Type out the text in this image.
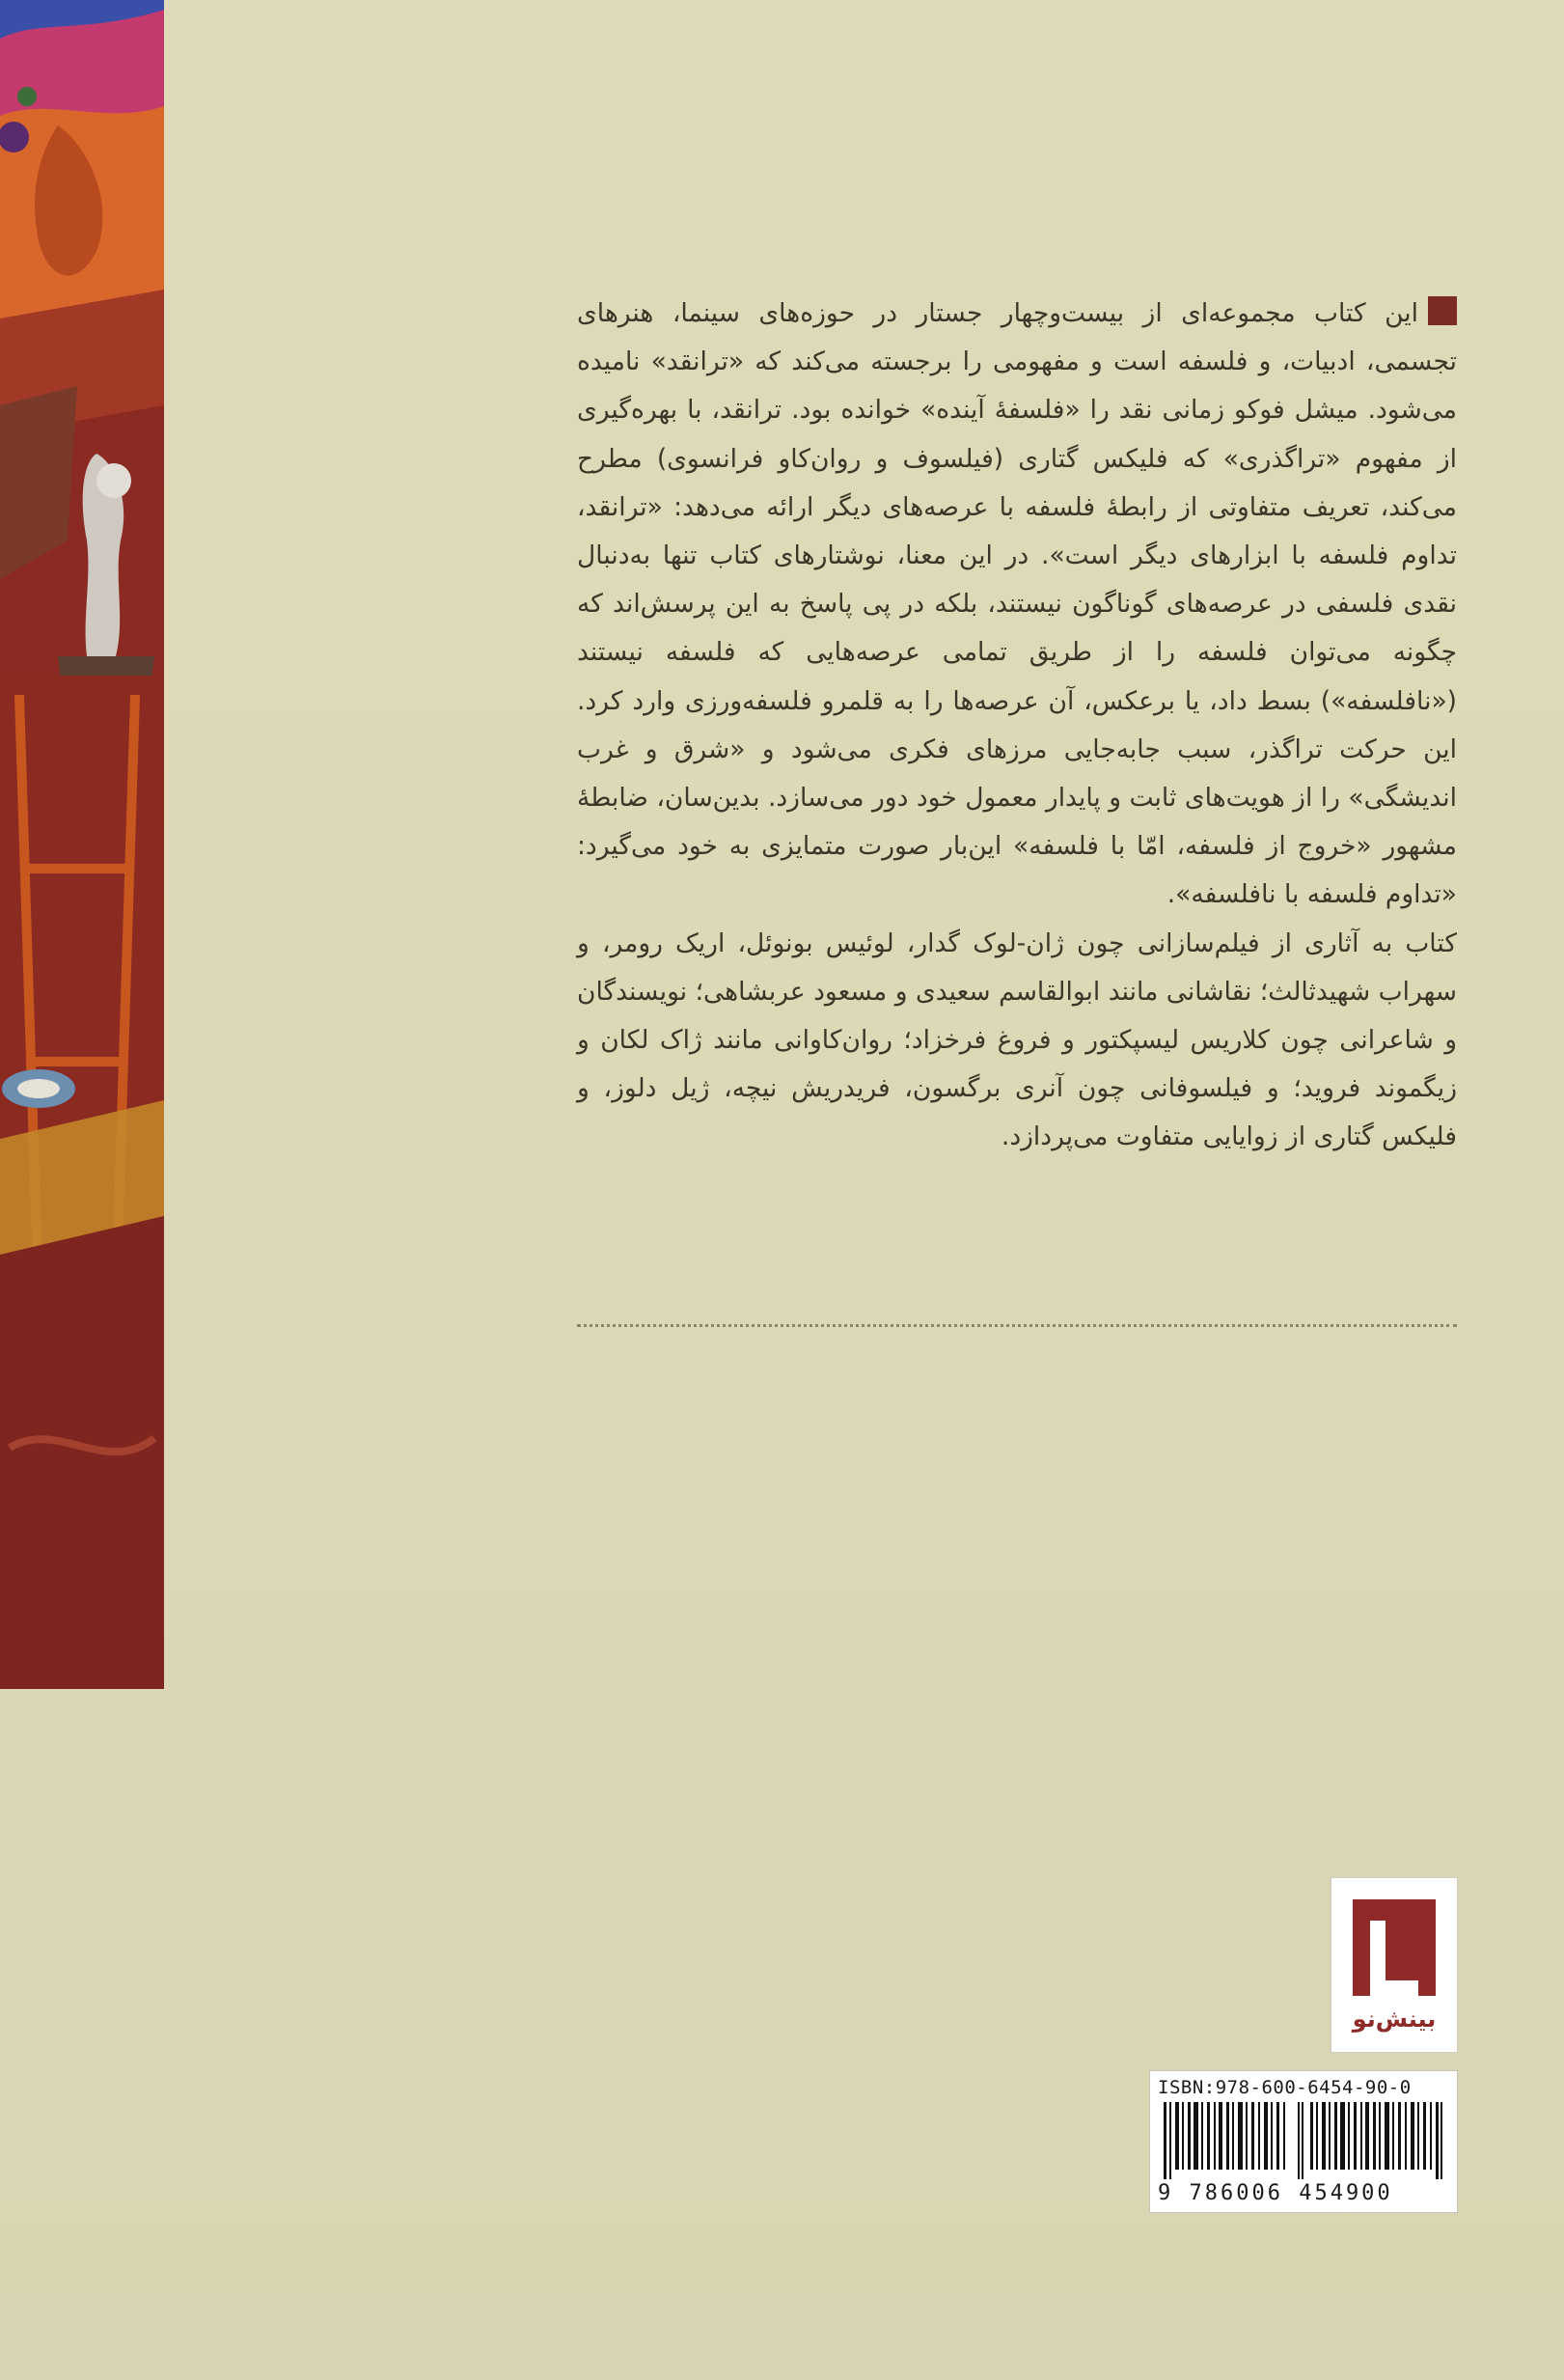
این کتاب مجموعه‌ای از بیست‌وچهار جستار در حوزه‌های سینما، هنرهای تجسمی، ادبیات، و فلسفه است و مفهومی را برجسته می‌کند که «ترانقد» نامیده می‌شود. میشل فوکو زمانی نقد را «فلسفهٔ آینده» خوانده بود. ترانقد، با بهره‌گیری از مفهوم «تراگذری» که فلیکس گتاری (فیلسوف و روان‌کاو فرانسوی) مطرح می‌کند، تعریف متفاوتی از رابطهٔ فلسفه با عرصه‌های دیگر ارائه می‌دهد: «ترانقد، تداوم فلسفه با ابزارهای دیگر است». در این معنا، نوشتارهای کتاب تنها به‌دنبال نقدی فلسفی در عرصه‌های گوناگون نیستند، بلکه در پی پاسخ به این پرسش‌اند که چگونه می‌توان فلسفه را از طریق تمامی عرصه‌هایی که فلسفه نیستند («نافلسفه») بسط داد، یا برعکس، آن عرصه‌ها را به قلمرو فلسفه‌ورزی وارد کرد. این حرکت تراگذر، سبب جابه‌جایی مرزهای فکری می‌شود و «شرق و غرب اندیشگی» را از هویت‌های ثابت و پایدار معمول خود دور می‌سازد. بدین‌سان، ضابطهٔ مشهور «خروج از فلسفه، امّا با فلسفه» این‌بار صورت متمایزی به خود می‌گیرد: «تداوم فلسفه با نافلسفه».

کتاب به آثاری از فیلم‌سازانی چون ژان-لوک گدار، لوئیس بونوئل، اریک رومر، و سهراب شهیدثالث؛ نقاشانی مانند ابوالقاسم سعیدی و مسعود عربشاهی؛ نویسندگان و شاعرانی چون کلاریس لیسپکتور و فروغ فرخزاد؛ روان‌کاوانی مانند ژاک لکان و زیگموند فروید؛ و فیلسوفانی چون آنری برگسون، فریدریش نیچه، ژیل دلوز، و فلیکس گتاری از زوایایی متفاوت می‌پردازد.

بینش‌نو
ISBN:978-600-6454-90-0
9 786006 454900
